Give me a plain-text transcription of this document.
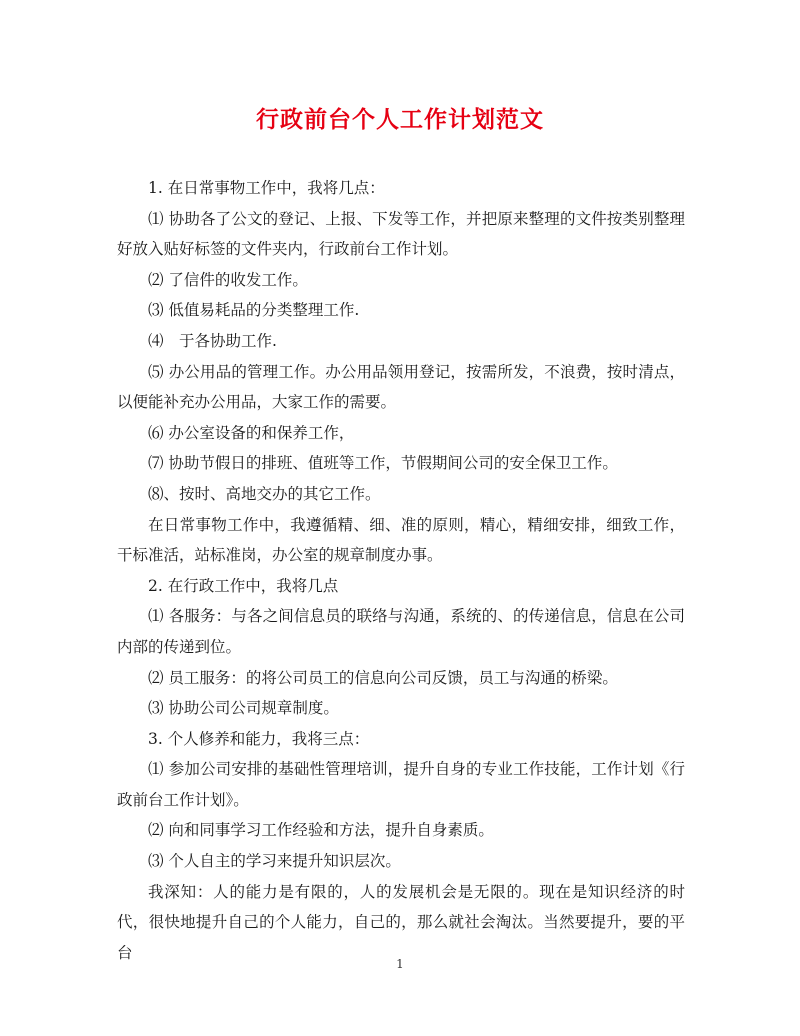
行政前台个人工作计划范文

1. 在日常事物工作中，我将几点：

⑴ 协助各了公文的登记、上报、下发等工作，并把原来整理的文件按类别整理好放入贴好标签的文件夹内，行政前台工作计划。

⑵ 了信件的收发工作。

⑶ 低值易耗品的分类整理工作.

⑷　于各协助工作.

⑸ 办公用品的管理工作。办公用品领用登记，按需所发，不浪费，按时清点，以便能补充办公用品，大家工作的需要。

⑹ 办公室设备的和保养工作，

⑺ 协助节假日的排班、值班等工作，节假期间公司的安全保卫工作。

⑻、按时、高地交办的其它工作。

在日常事物工作中，我遵循精、细、准的原则，精心，精细安排，细致工作，干标准活，站标准岗，办公室的规章制度办事。

2. 在行政工作中，我将几点

⑴ 各服务：与各之间信息员的联络与沟通，系统的、的传递信息，信息在公司内部的传递到位。

⑵ 员工服务：的将公司员工的信息向公司反馈，员工与沟通的桥梁。

⑶ 协助公司公司规章制度。

3. 个人修养和能力，我将三点：

⑴ 参加公司安排的基础性管理培训，提升自身的专业工作技能，工作计划《行政前台工作计划》。

⑵ 向和同事学习工作经验和方法，提升自身素质。

⑶ 个人自主的学习来提升知识层次。

我深知：人的能力是有限的，人的发展机会是无限的。现在是知识经济的时代，很快地提升自己的个人能力，自己的，那么就社会淘汰。当然要提升，要的平台

1
